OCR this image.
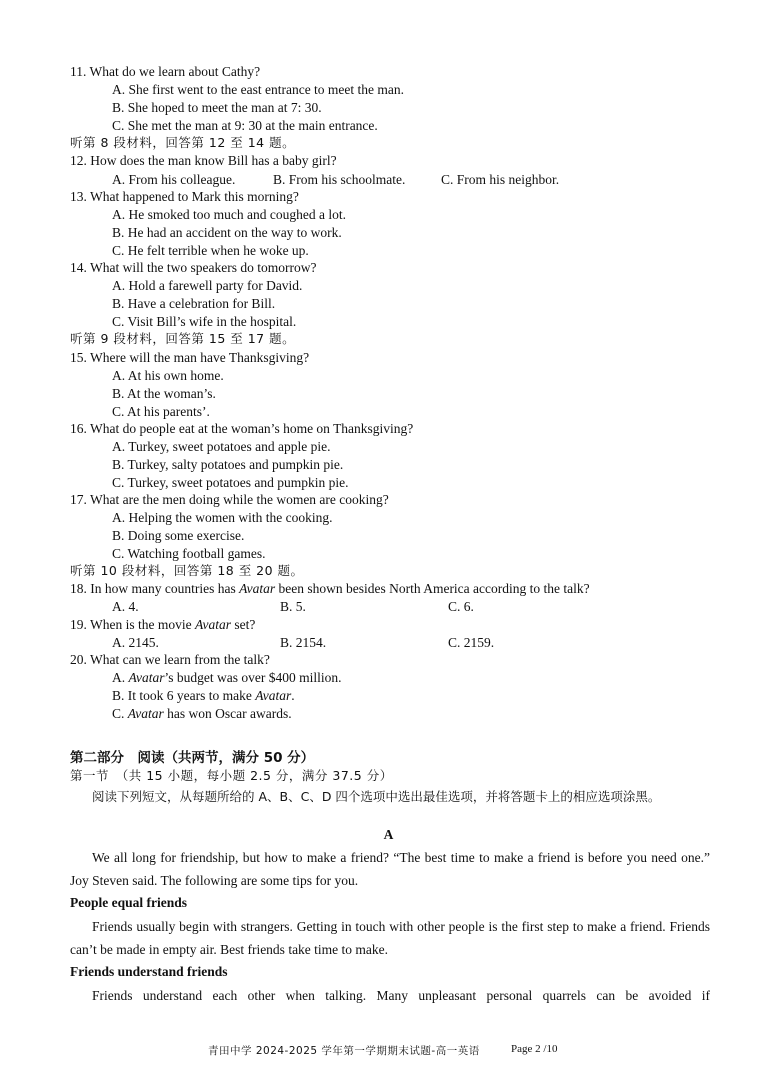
11. What do we learn about Cathy?
A. She first went to the east entrance to meet the man.
B. She hoped to meet the man at 7: 30.
C. She met the man at 9: 30 at the main entrance.
听第 8 段材料，回答第 12 至 14 题。
12. How does the man know Bill has a baby girl?
A. From his colleague.	B. From his schoolmate.	C. From his neighbor.
13. What happened to Mark this morning?
A. He smoked too much and coughed a lot.
B. He had an accident on the way to work.
C. He felt terrible when he woke up.
14. What will the two speakers do tomorrow?
A. Hold a farewell party for David.
B. Have a celebration for Bill.
C. Visit Bill’s wife in the hospital.
听第 9 段材料，回答第 15 至 17 题。
15. Where will the man have Thanksgiving?
A. At his own home.
B. At the woman’s.
C. At his parents’.
16. What do people eat at the woman’s home on Thanksgiving?
A. Turkey, sweet potatoes and apple pie.
B. Turkey, salty potatoes and pumpkin pie.
C. Turkey, sweet potatoes and pumpkin pie.
17. What are the men doing while the women are cooking?
A. Helping the women with the cooking.
B. Doing some exercise.
C. Watching football games.
听第 10 段材料，回答第 18 至 20 题。
18. In how many countries has Avatar been shown besides North America according to the talk?
A. 4.	B. 5.	C. 6.
19. When is the movie Avatar set?
A. 2145.	B. 2154.	C. 2159.
20. What can we learn from the talk?
A. Avatar’s budget was over $400 million.
B. It took 6 years to make Avatar.
C. Avatar has won Oscar awards.
第二部分　阅读（共两节，满分 50 分）
第一节　（共 15 小题，每小题 2.5 分，满分 37.5 分）
阅读下列短文，从每题所给的 A、B、C、D 四个选项中选出最佳选项，并将答题卡上的相应选项涂黑。
A
We all long for friendship, but how to make a friend? “The best time to make a friend is before you need one.” Joy Steven said. The following are some tips for you.
People equal friends
Friends usually begin with strangers. Getting in touch with other people is the first step to make a friend. Friends can’t be made in empty air. Best friends take time to make.
Friends understand friends
Friends understand each other when talking. Many unpleasant personal quarrels can be avoided if
青田中学 2024-2025 学年第一学期期末试题-高一英语	Page 2 /10
